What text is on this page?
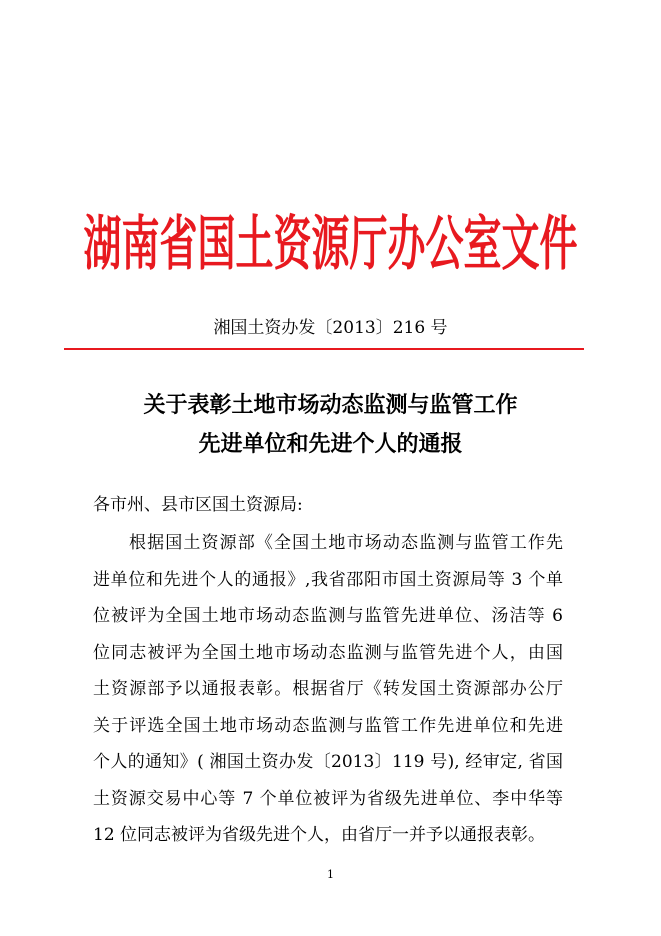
湖南省国土资源厅办公室文件
湘国土资办发〔2013〕216 号
关于表彰土地市场动态监测与监管工作
先进单位和先进个人的通报
各市州、县市区国土资源局:
根据国土资源部《全国土地市场动态监测与监管工作先
进单位和先进个人的通报》,我省邵阳市国土资源局等 3 个单
位被评为全国土地市场动态监测与监管先进单位、汤洁等 6
位同志被评为全国土地市场动态监测与监管先进个人，由国
土资源部予以通报表彰。根据省厅《转发国土资源部办公厅
关于评选全国土地市场动态监测与监管工作先进单位和先进
个人的通知》( 湘国土资办发〔2013〕119 号), 经审定, 省国
土资源交易中心等 7 个单位被评为省级先进单位、李中华等
12 位同志被评为省级先进个人，由省厅一并予以通报表彰。
1
